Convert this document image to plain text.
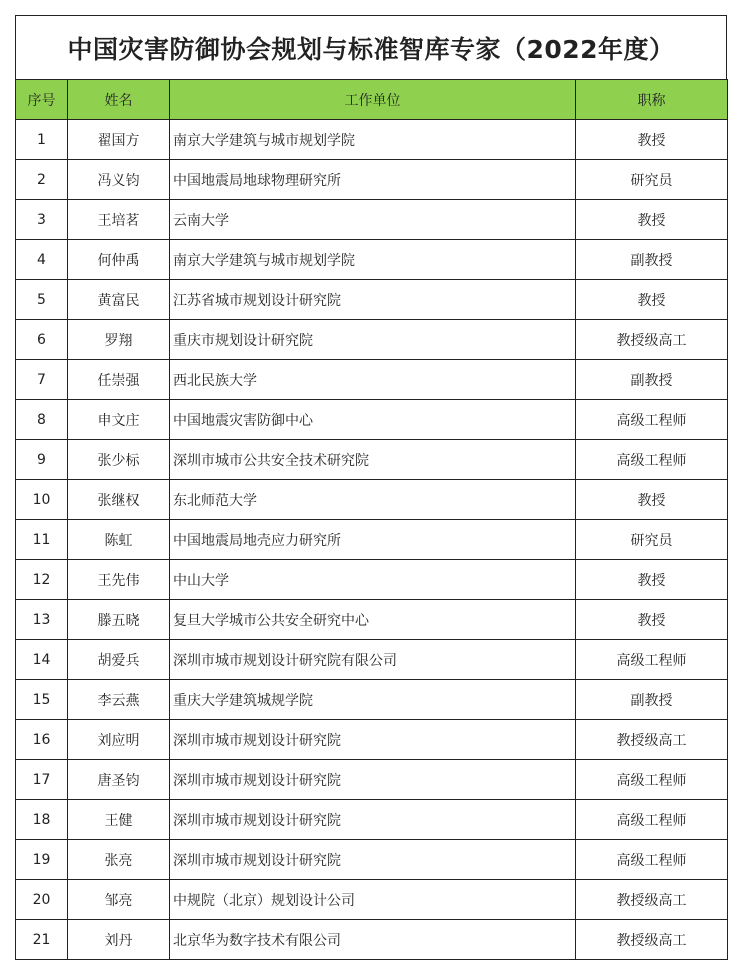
中国灾害防御协会规划与标准智库专家（2022年度）
序号	姓名	工作单位	职称
1	翟国方	南京大学建筑与城市规划学院	教授
2	冯义钧	中国地震局地球物理研究所	研究员
3	王培茗	云南大学	教授
4	何仲禹	南京大学建筑与城市规划学院	副教授
5	黄富民	江苏省城市规划设计研究院	教授
6	罗翔	重庆市规划设计研究院	教授级高工
7	任崇强	西北民族大学	副教授
8	申文庄	中国地震灾害防御中心	高级工程师
9	张少标	深圳市城市公共安全技术研究院	高级工程师
10	张继权	东北师范大学	教授
11	陈虹	中国地震局地壳应力研究所	研究员
12	王先伟	中山大学	教授
13	滕五晓	复旦大学城市公共安全研究中心	教授
14	胡爱兵	深圳市城市规划设计研究院有限公司	高级工程师
15	李云燕	重庆大学建筑城规学院	副教授
16	刘应明	深圳市城市规划设计研究院	教授级高工
17	唐圣钧	深圳市城市规划设计研究院	高级工程师
18	王健	深圳市城市规划设计研究院	高级工程师
19	张亮	深圳市城市规划设计研究院	高级工程师
20	邹亮	中规院（北京）规划设计公司	教授级高工
21	刘丹	北京华为数字技术有限公司	教授级高工
